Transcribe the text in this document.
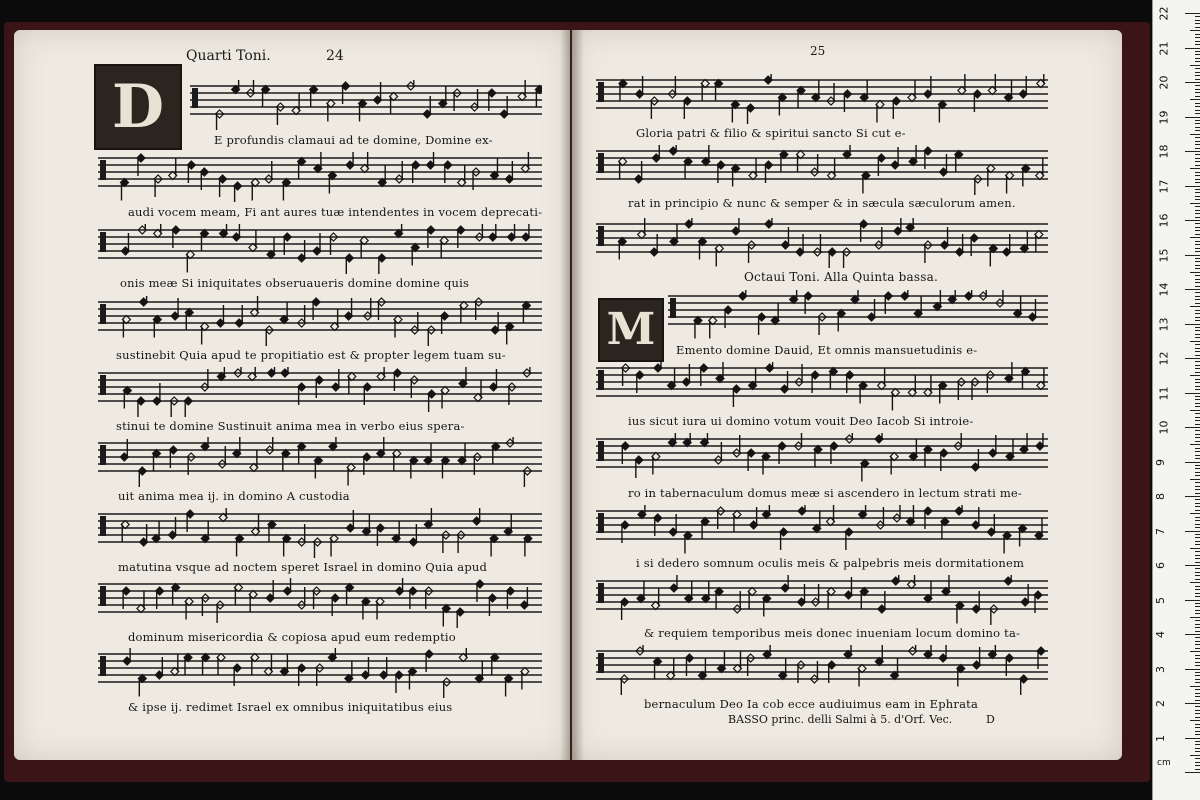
Quarti Toni.	24	25
D
M
E profundis clamaui ad te domine, Domine ex-
audi vocem meam, Fi ant aures tuæ intendentes in vocem deprecati-
onis meæ Si iniquitates obseruaueris domine domine quis
sustinebit Quia apud te propitiatio est & propter legem tuam su-
stinui te domine Sustinuit anima mea in verbo eius spera-
uit anima mea ij. in domino A custodia
matutina vsque ad noctem speret Israel in domino Quia apud
dominum misericordia & copiosa apud eum redemptio
& ipse ij. redimet Israel ex omnibus iniquitatibus eius
Gloria patri & filio & spiritui sancto Si cut e-
rat in principio & nunc & semper & in sæcula sæculorum amen.
Octaui Toni. Alla Quinta bassa.
Emento domine Dauid, Et omnis mansuetudinis e-
ius sicut iura ui domino votum vouit Deo Iacob Si introie-
ro in tabernaculum domus meæ si ascendero in lectum strati me-
i si dedero somnum oculis meis & palpebris meis dormitationem
& requiem temporibus meis donec inueniam locum domino ta-
bernaculum Deo Ia cob ecce audiuimus eam in Ephrata
BASSO princ. delli Salmi à 5. d'Orf. Vec.	D
cm
1
2
3
4
5
6
7
8
9
10
11
12
13
14
15
16
17
18
19
20
21
22
